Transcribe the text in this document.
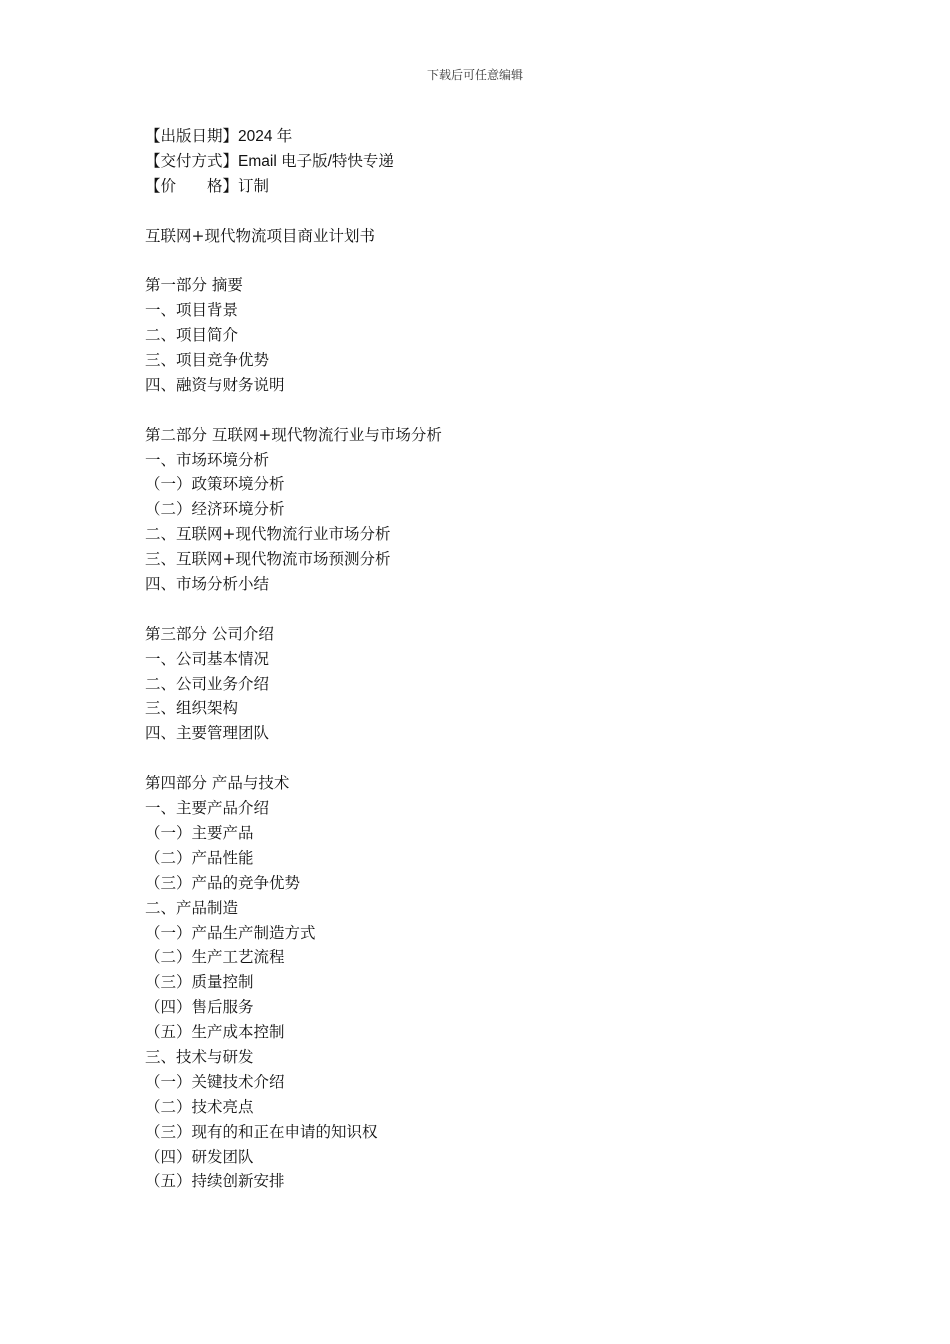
下载后可任意编辑
【出版日期】2024 年
【交付方式】Email 电子版/特快专递
【价　　格】订制
互联网+现代物流项目商业计划书
第一部分 摘要
一、项目背景
二、项目简介
三、项目竞争优势
四、融资与财务说明
第二部分 互联网+现代物流行业与市场分析
一、市场环境分析
（一）政策环境分析
（二）经济环境分析
二、互联网+现代物流行业市场分析
三、互联网+现代物流市场预测分析
四、市场分析小结
第三部分 公司介绍
一、公司基本情况
二、公司业务介绍
三、组织架构
四、主要管理团队
第四部分 产品与技术
一、主要产品介绍
（一）主要产品
（二）产品性能
（三）产品的竞争优势
二、产品制造
（一）产品生产制造方式
（二）生产工艺流程
（三）质量控制
（四）售后服务
（五）生产成本控制
三、技术与研发
（一）关键技术介绍
（二）技术亮点
（三）现有的和正在申请的知识权
（四）研发团队
（五）持续创新安排
